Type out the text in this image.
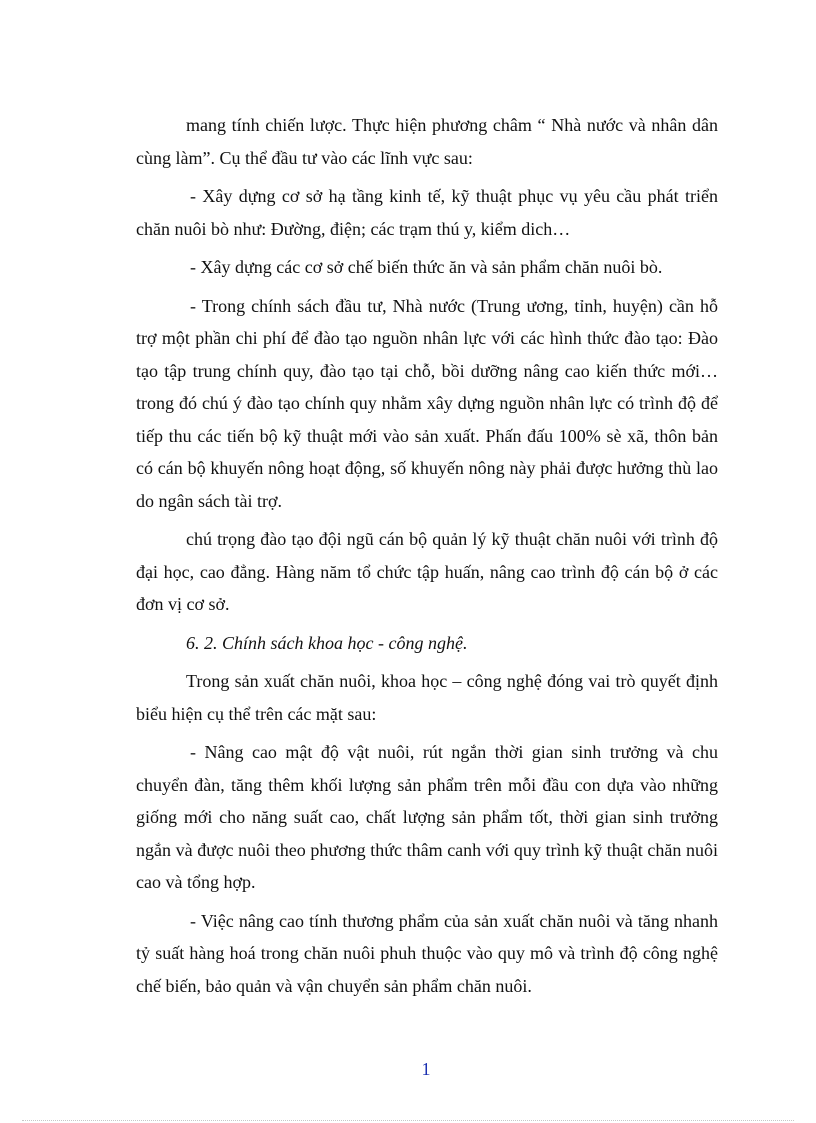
mang tính chiến lược. Thực hiện phương châm “ Nhà nước và nhân dân cùng làm”. Cụ thể đầu tư vào các lĩnh vực sau:

- Xây dựng cơ sở hạ tầng kinh tế, kỹ thuật phục vụ yêu cầu phát triển chăn nuôi bò như: Đường, điện; các trạm thú y, kiểm dich…

- Xây dựng các cơ sở chế biến thức ăn và sản phẩm chăn nuôi bò.

- Trong chính sách đầu tư, Nhà nước (Trung ương, tỉnh, huyện) cần hỗ trợ một phần chi phí để đào tạo nguồn nhân lực với các hình thức đào tạo: Đào tạo tập trung chính quy, đào tạo tại chỗ, bồi dưỡng nâng cao kiến thức mới… trong đó chú ý đào tạo chính quy nhằm xây dựng nguồn nhân lực có trình độ để tiếp thu các tiến bộ kỹ thuật mới vào sản xuất. Phấn đấu 100% sè xã, thôn bản có cán bộ khuyến nông hoạt động, số khuyến nông này phải được hưởng thù lao do ngân sách tài trợ.

chú trọng đào tạo đội ngũ cán bộ quản lý kỹ thuật chăn nuôi với trình độ đại học, cao đẳng. Hàng năm tổ chức tập huấn, nâng cao trình độ cán bộ ở các đơn vị cơ sở.

6. 2. Chính sách khoa học - công nghệ.

Trong sản xuất chăn nuôi, khoa học – công nghệ đóng vai trò quyết định biểu hiện cụ thể trên các mặt sau:

- Nâng cao mật độ vật nuôi, rút ngắn thời gian sinh trưởng và chu chuyển đàn, tăng thêm khối lượng sản phẩm trên mỗi đầu con dựa vào những giống mới cho năng suất cao, chất lượng sản phẩm tốt, thời gian sinh trưởng ngắn và được nuôi theo phương thức thâm canh với quy trình kỹ thuật chăn nuôi cao và tổng hợp.

- Việc nâng cao tính thương phẩm của sản xuất chăn nuôi và tăng nhanh tỷ suất hàng hoá trong chăn nuôi phuh thuộc vào quy mô và trình độ công nghệ chế biến, bảo quản và vận chuyển sản phẩm chăn nuôi.

1
